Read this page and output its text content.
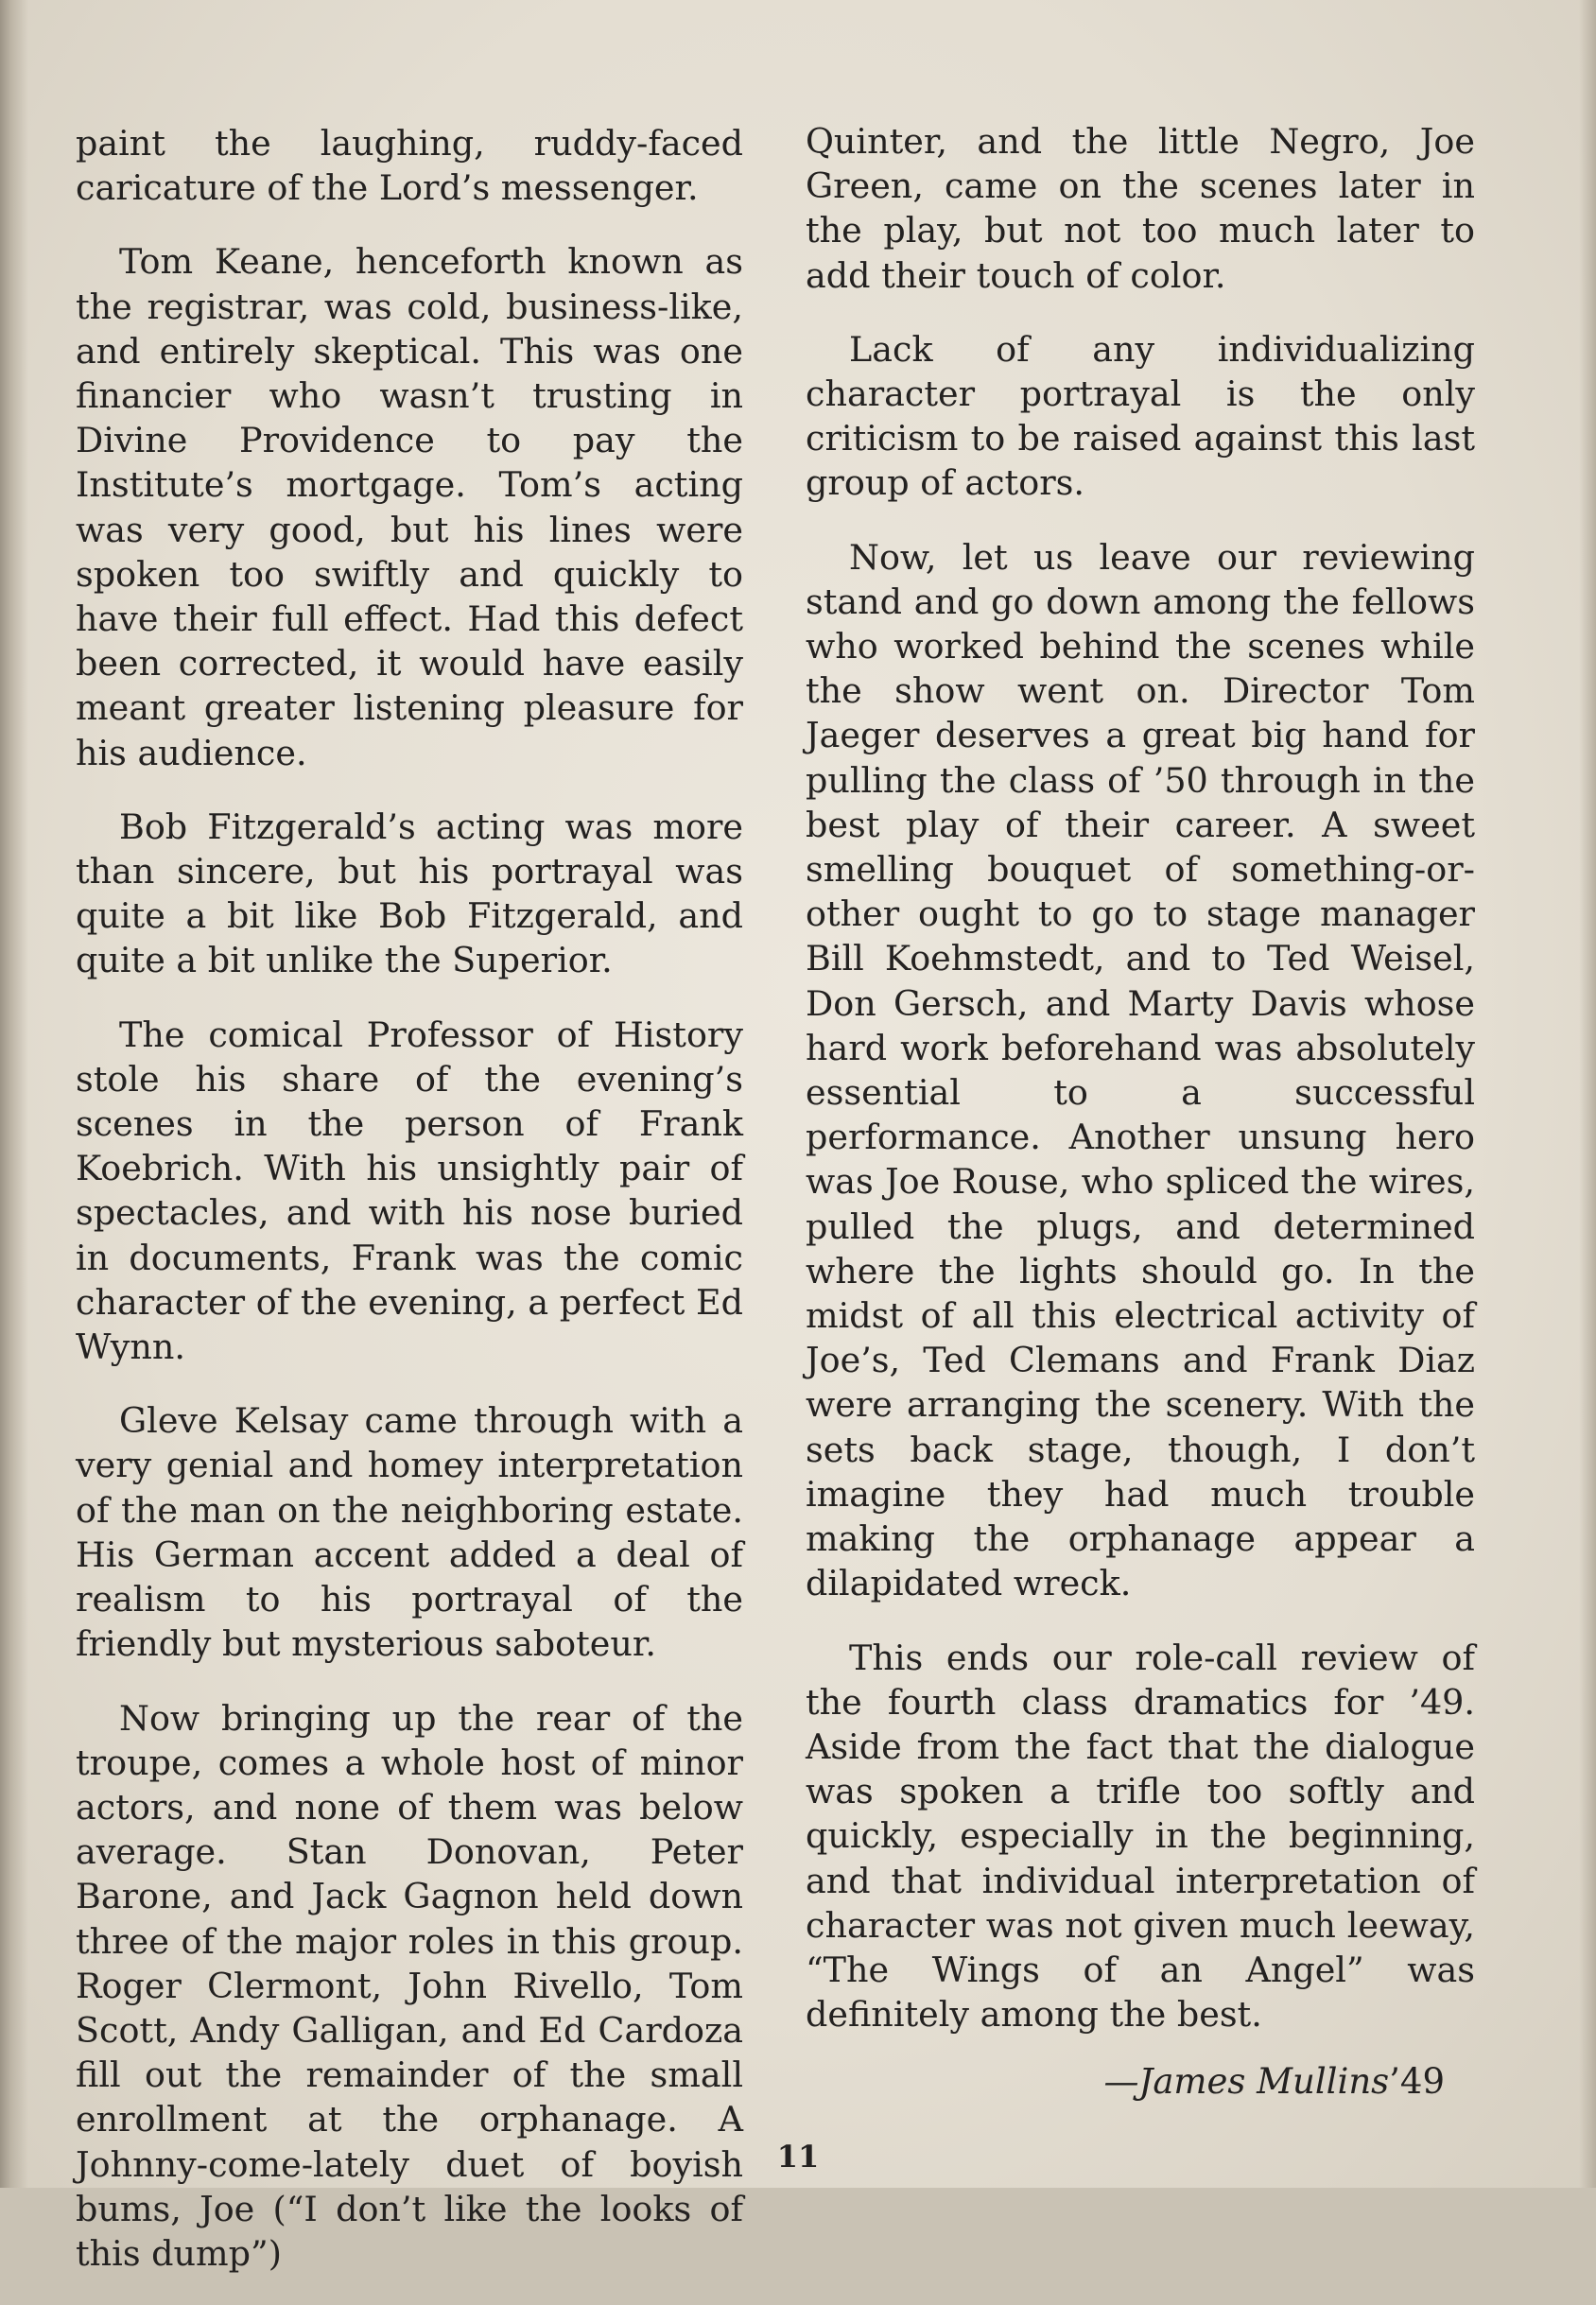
paint the laughing, ruddy-faced caricature of the Lord’s messenger.

Tom Keane, henceforth known as the registrar, was cold, business-like, and entirely skeptical. This was one financier who wasn’t trusting in Divine Providence to pay the Institute’s mortgage. Tom’s acting was very good, but his lines were spoken too swiftly and quickly to have their full effect. Had this defect been corrected, it would have easily meant greater listening pleasure for his audience.

Bob Fitzgerald’s acting was more than sincere, but his portrayal was quite a bit like Bob Fitzgerald, and quite a bit unlike the Superior.

The comical Professor of History stole his share of the evening’s scenes in the person of Frank Koebrich. With his unsightly pair of spectacles, and with his nose buried in documents, Frank was the comic character of the evening, a perfect Ed Wynn.

Gleve Kelsay came through with a very genial and homey interpretation of the man on the neighboring estate. His German accent added a deal of realism to his portrayal of the friendly but mysterious saboteur.

Now bringing up the rear of the troupe, comes a whole host of minor actors, and none of them was below average. Stan Donovan, Peter Barone, and Jack Gagnon held down three of the major roles in this group. Roger Clermont, John Rivello, Tom Scott, Andy Galligan, and Ed Cardoza fill out the remainder of the small enrollment at the orphanage. A Johnny-come-lately duet of boyish bums, Joe (“I don’t like the looks of this dump”)

Quinter, and the little Negro, Joe Green, came on the scenes later in the play, but not too much later to add their touch of color.

Lack of any individualizing character portrayal is the only criticism to be raised against this last group of actors.

Now, let us leave our reviewing stand and go down among the fellows who worked behind the scenes while the show went on. Director Tom Jaeger deserves a great big hand for pulling the class of ’50 through in the best play of their career. A sweet smelling bouquet of something-or-other ought to go to stage manager Bill Koehmstedt, and to Ted Weisel, Don Gersch, and Marty Davis whose hard work beforehand was absolutely essential to a successful performance. Another unsung hero was Joe Rouse, who spliced the wires, pulled the plugs, and determined where the lights should go. In the midst of all this electrical activity of Joe’s, Ted Clemans and Frank Diaz were arranging the scenery. With the sets back stage, though, I don’t imagine they had much trouble making the orphanage appear a dilapidated wreck.

This ends our role-call review of the fourth class dramatics for ’49. Aside from the fact that the dialogue was spoken a trifle too softly and quickly, especially in the beginning, and that individual interpretation of character was not given much leeway, “The Wings of an Angel” was definitely among the best.

—James Mullins’49
11
